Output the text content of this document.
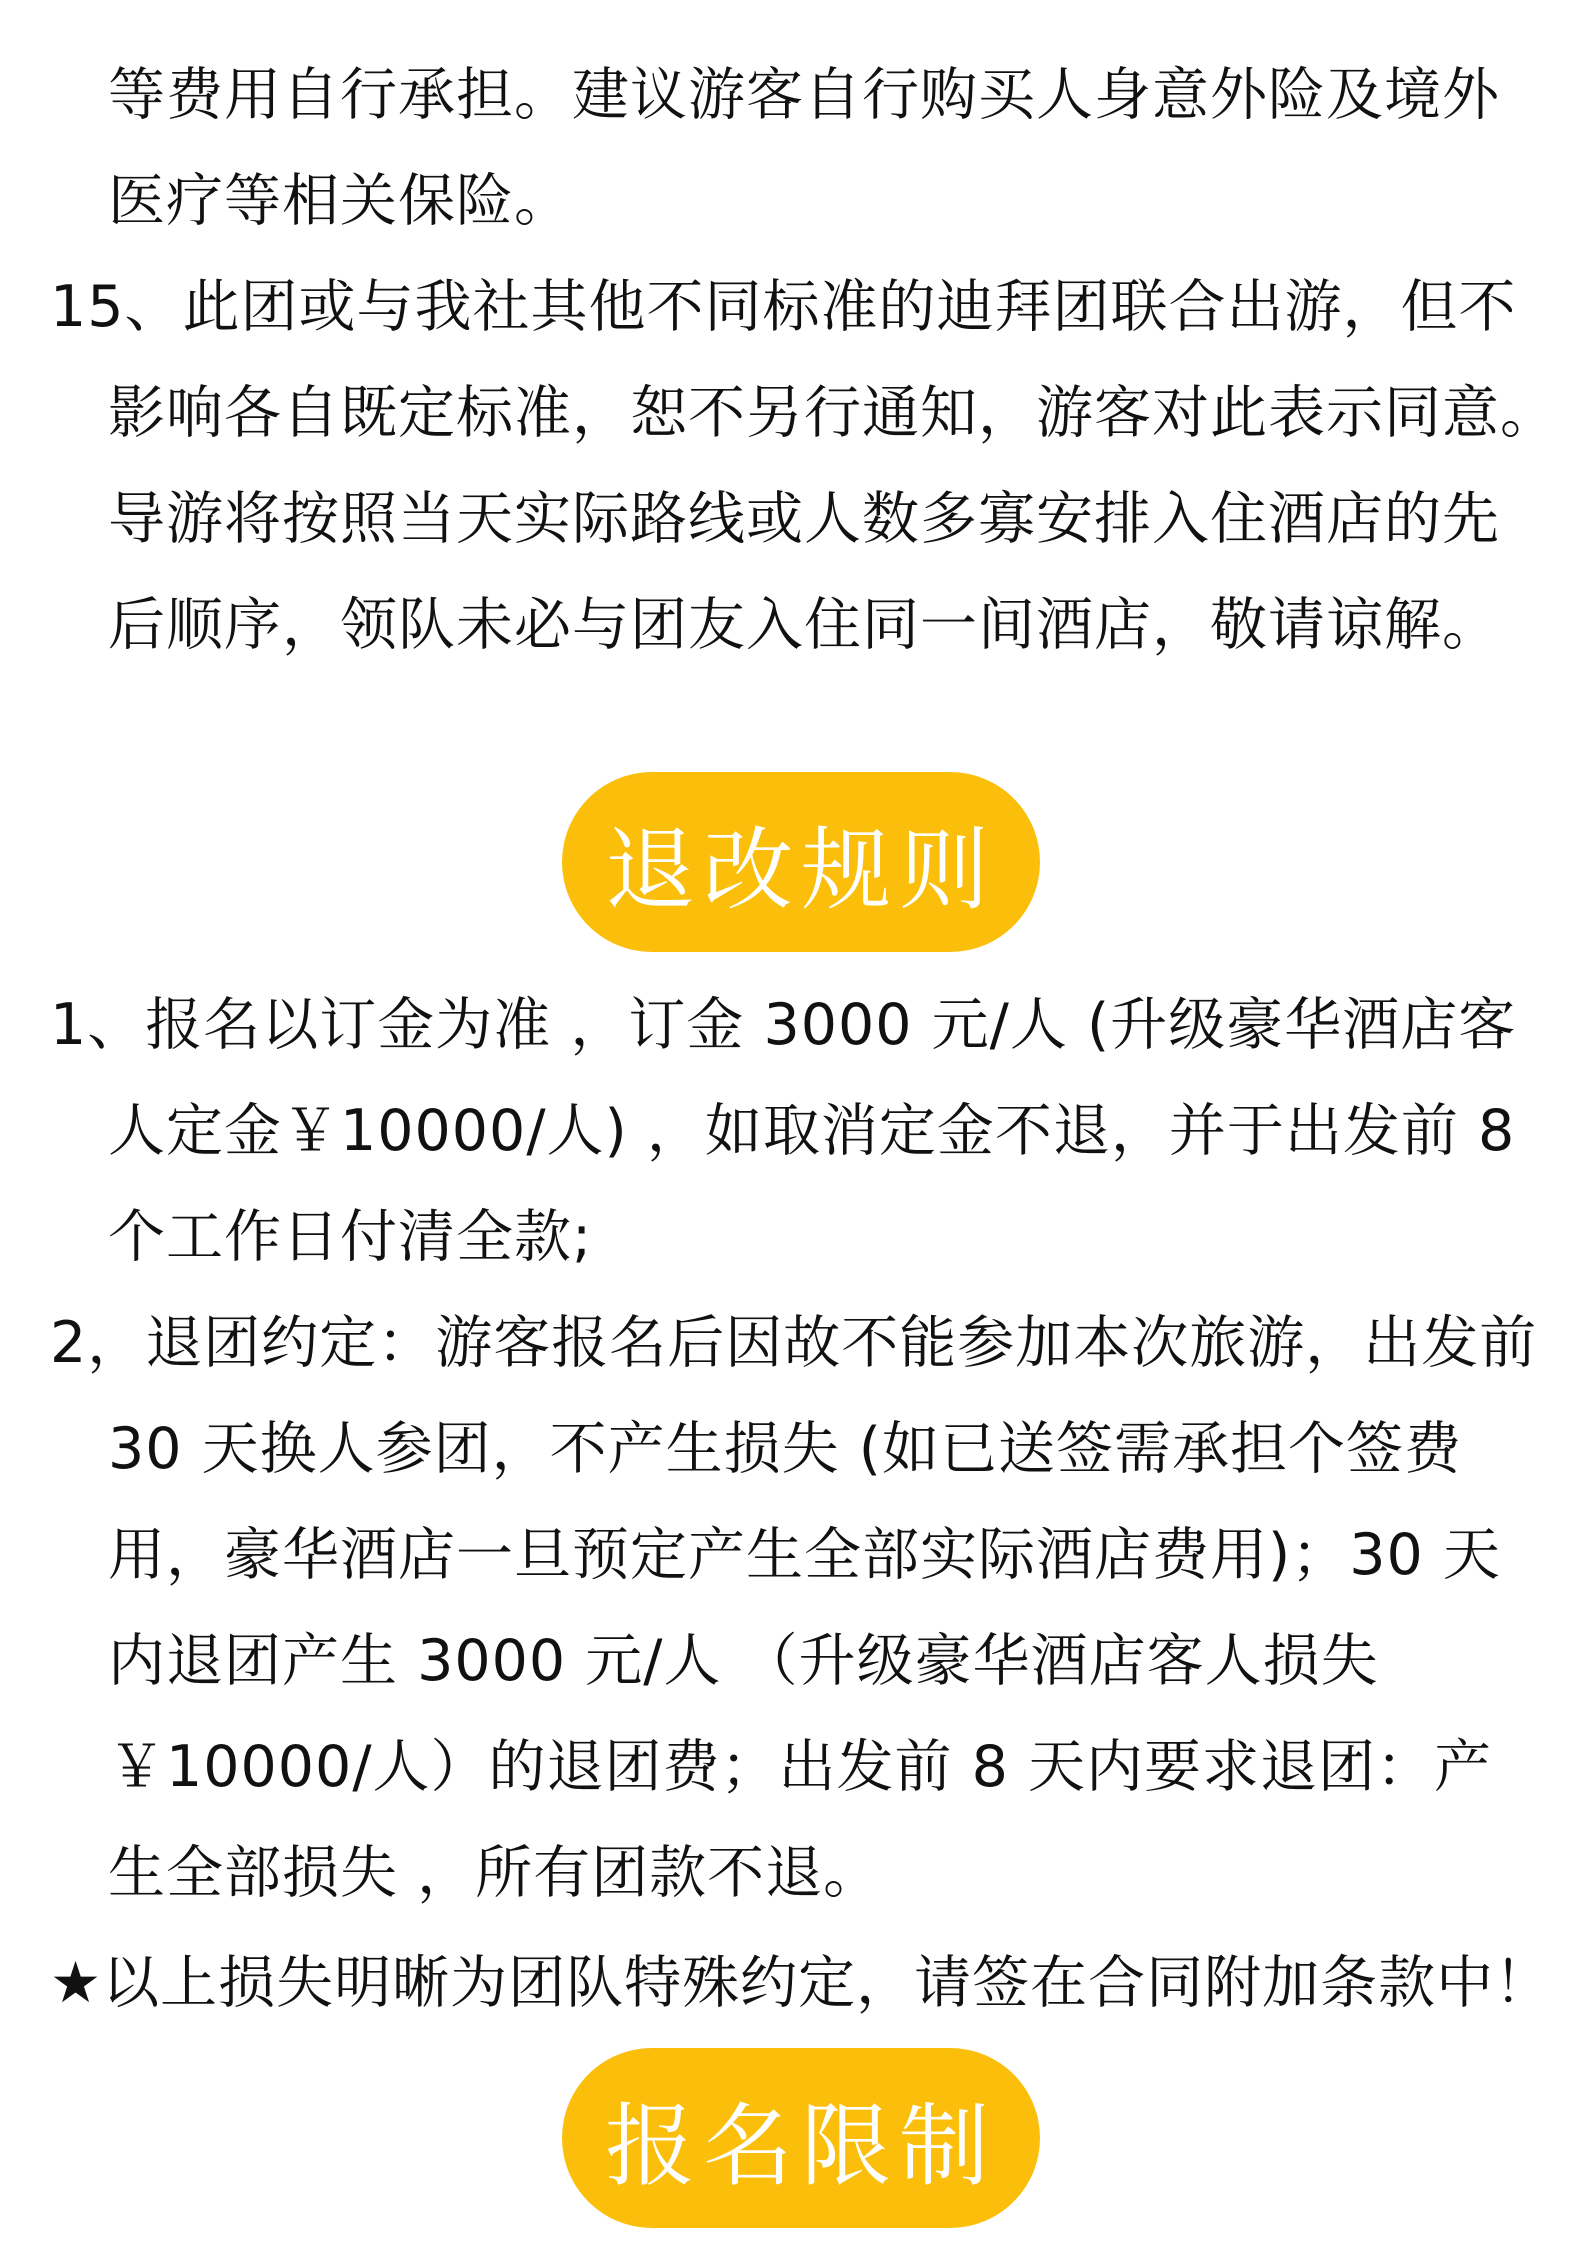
等费用自行承担。建议游客自行购买人身意外险及境外
医疗等相关保险。
15、此团或与我社其他不同标准的迪拜团联合出游，但不
影响各自既定标准，恕不另行通知，游客对此表示同意。
导游将按照当天实际路线或人数多寡安排入住酒店的先
后顺序，领队未必与团友入住同一间酒店，敬请谅解。
退改规则
1、报名以订金为准 ，订金 3000 元/人 (升级豪华酒店客
人定金￥10000/人) ，如取消定金不退，并于出发前 8
个工作日付清全款;
2，退团约定：游客报名后因故不能参加本次旅游，出发前
30 天换人参团，不产生损失 (如已送签需承担个签费
用，豪华酒店一旦预定产生全部实际酒店费用)；30 天
内退团产生 3000 元/人 （升级豪华酒店客人损失
￥10000/人）的退团费；出发前 8 天内要求退团：产
生全部损失 ，所有团款不退。
★以上损失明晰为团队特殊约定，请签在合同附加条款中！
报名限制
